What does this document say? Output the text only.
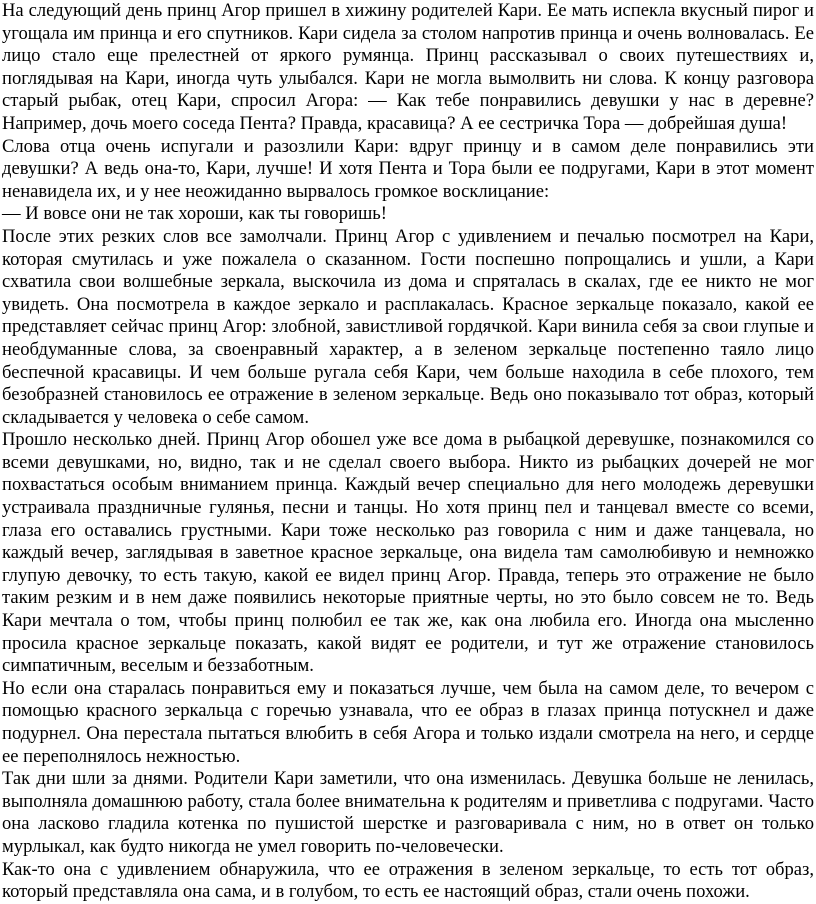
На следующий день принц Агор пришел в хижину родителей Кари. Ее мать испекла вкусный пирог и угощала им принца и его спутников. Кари сидела за столом напротив принца и очень волновалась. Ее лицо стало еще прелестней от яркого румянца. Принц рассказывал о своих путешествиях и, поглядывая на Кари, иногда чуть улыбался. Кари не могла вымолвить ни слова. К концу разговора старый рыбак, отец Кари, спросил Агора: — Как тебе понравились девушки у нас в деревне? Например, дочь моего соседа Пента? Правда, красавица? А ее сестричка Тора — добрейшая душа!

Слова отца очень испугали и разозлили Кари: вдруг принцу и в самом деле понравились эти девушки? А ведь она-то, Кари, лучше! И хотя Пента и Тора были ее подругами, Кари в этот момент ненавидела их, и у нее неожиданно вырвалось громкое восклицание:

— И вовсе они не так хороши, как ты говоришь!

После этих резких слов все замолчали. Принц Агор с удивлением и печалью посмотрел на Кари, которая смутилась и уже пожалела о сказанном. Гости поспешно попрощались и ушли, а Кари схватила свои волшебные зеркала, выскочила из дома и спряталась в скалах, где ее никто не мог увидеть. Она посмотрела в каждое зеркало и расплакалась. Красное зеркальце показало, какой ее представляет сейчас принц Агор: злобной, завистливой гордячкой. Кари винила себя за свои глупые и необдуманные слова, за своенравный характер, а в зеленом зеркальце постепенно таяло лицо беспечной красавицы. И чем больше ругала себя Кари, чем больше находила в себе плохого, тем безобразней становилось ее отражение в зеленом зеркальце. Ведь оно показывало тот образ, который складывается у человека о себе самом.

Прошло несколько дней. Принц Агор обошел уже все дома в рыбацкой деревушке, познакомился со всеми девушками, но, видно, так и не сделал своего выбора. Никто из рыбацких дочерей не мог похвастаться особым вниманием принца. Каждый вечер специально для него молодежь деревушки устраивала праздничные гулянья, песни и танцы. Но хотя принц пел и танцевал вместе со всеми, глаза его оставались грустными. Кари тоже несколько раз говорила с ним и даже танцевала, но каждый вечер, заглядывая в заветное красное зеркальце, она видела там самолюбивую и немножко глупую девочку, то есть такую, какой ее видел принц Агор. Правда, теперь это отражение не было таким резким и в нем даже появились некоторые приятные черты, но это было совсем не то. Ведь Кари мечтала о том, чтобы принц полюбил ее так же, как она любила его. Иногда она мысленно просила красное зеркальце показать, какой видят ее родители, и тут же отражение становилось симпатичным, веселым и беззаботным.

Но если она старалась понравиться ему и показаться лучше, чем была на самом деле, то вечером с помощью красного зеркальца с горечью узнавала, что ее образ в глазах принца потускнел и даже подурнел. Она перестала пытаться влюбить в себя Агора и только издали смотрела на него, и сердце ее переполнялось нежностью.

Так дни шли за днями. Родители Кари заметили, что она изменилась. Девушка больше не ленилась, выполняла домашнюю работу, стала более внимательна к родителям и приветлива с подругами. Часто она ласково гладила котенка по пушистой шерстке и разговаривала с ним, но в ответ он только мурлыкал, как будто никогда не умел говорить по-человечески.

Как-то она с удивлением обнаружила, что ее отражения в зеленом зеркальце, то есть тот образ, который представляла она сама, и в голубом, то есть ее настоящий образ, стали очень похожи.
